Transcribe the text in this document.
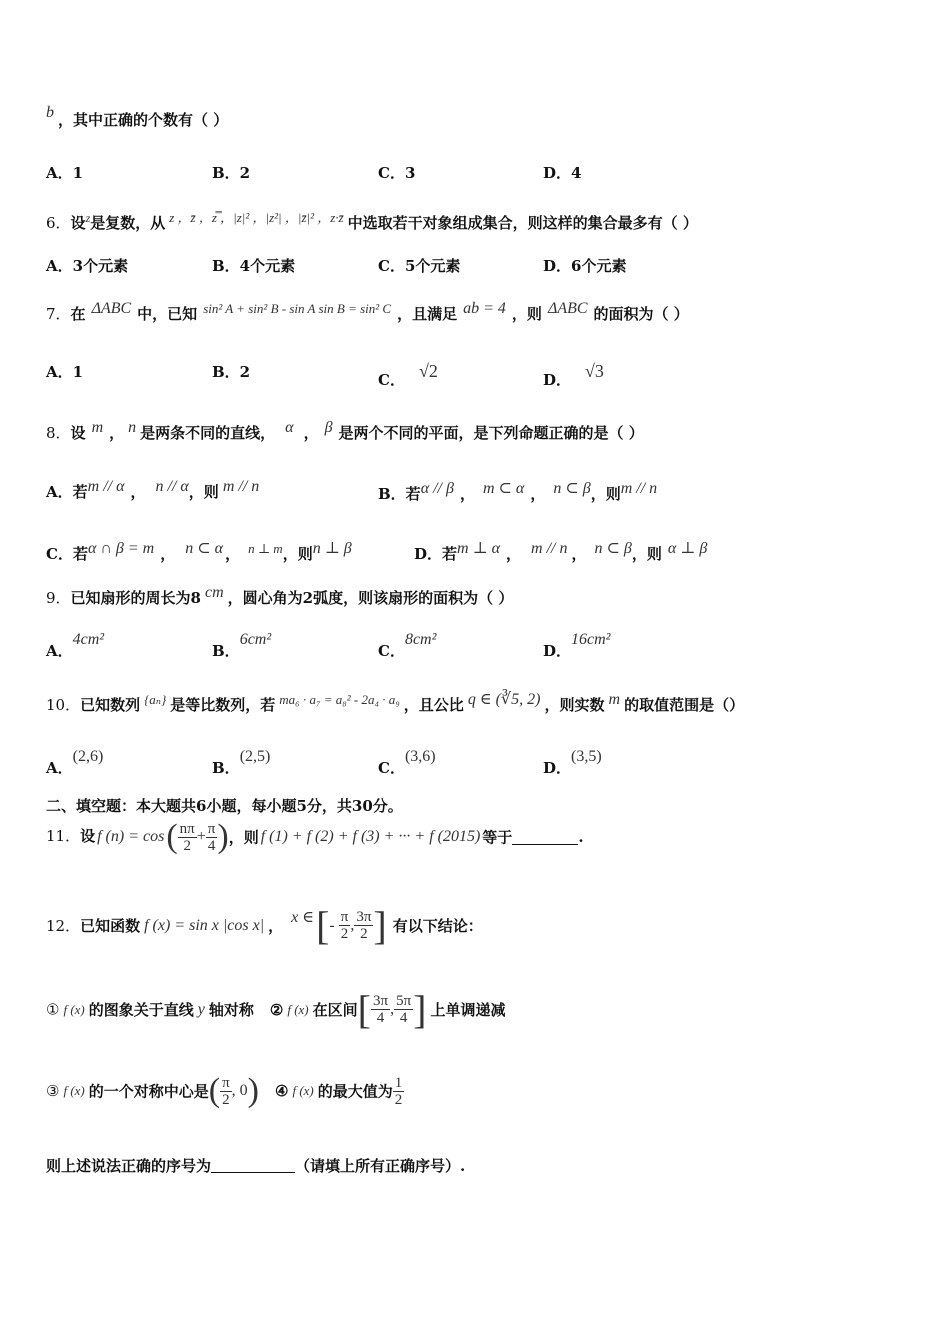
b ，其中正确的个数有（ ）
A．1	B．2	C．3	D．4
6．设z是复数，从 z ，z̄ ，z̿ ，|z|² ，|z²| ，|z̄|² ，z·z̄ 中选取若干对象组成集合，则这样的集合最多有（ ）
A．3个元素	B．4个元素	C．5个元素	D．6个元素
7．在 ΔABC 中，已知 sin² A + sin² B - sin A sin B = sin² C ，且满足 ab = 4 ，则 ΔABC 的面积为（ ）
A．1	B．2	C． √2	D． √3
8．设 m ， n 是两条不同的直线， α ， β 是两个不同的平面，是下列命题正确的是（ ）
A．若m // α ， n // α，则 m // n	B．若α // β ， m ⊂ α ， n ⊂ β，则m // n
C．若α ∩ β = m ， n ⊂ α ， n ⊥ m，则n ⊥ β	D．若m ⊥ α ， m // n ， n ⊂ β，则 α ⊥ β
9．已知扇形的周长为8 cm ，圆心角为2弧度，则该扇形的面积为（ ）
A．4cm²
B．6cm²
C．8cm²
D．16cm²
10．已知数列 {aₙ} 是等比数列，若 ma₆ · a₇ = a₈² - 2a₄ · a₉ ，且公比 q ∈ (∛5, 2) ，则实数 m 的取值范围是（）
A．(2,6)
B．(2,5)
C．(3,6)
D．(3,5)
二、填空题：本大题共6小题，每小题5分，共30分。
11．设 f $(n) = \cos( \frac{n\pi}{2} + \frac{\pi}{4}$ )，则 f (1) + f (2) + f (3) + ··· + f (2015) 等于	.
12．已知函数 f (x) = sin x |cos x| ， x ∈[- $\frac{\pi}{2}$ , $\frac{3\pi}{2}$ ] 有以下结论：
① f (x) 的图象关于直线 y 轴对称 ② f (x) 在区间[ $\frac{3\pi}{4}$ , $\frac{5\pi}{4}$ ] 上单调递减
③ f (x) 的一个对称中心是( $\frac{\pi}{2}$ , 0) ④ f (x) 的最大值为 $\frac{1}{2}$
则上述说法正确的序号为	（请填上所有正确序号）.
